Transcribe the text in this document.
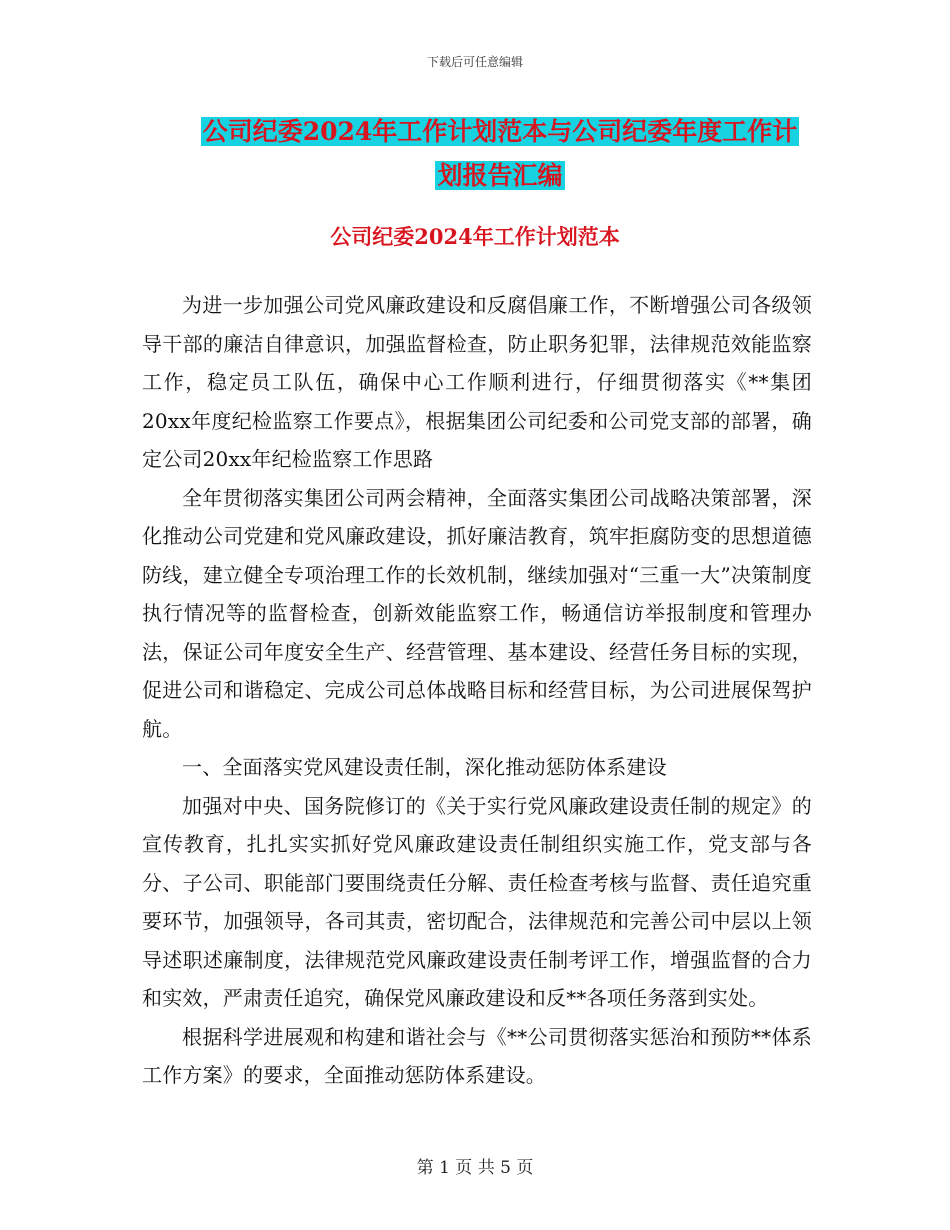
下载后可任意编辑
公司纪委2024年工作计划范本与公司纪委年度工作计
划报告汇编
公司纪委2024年工作计划范本

为进一步加强公司党风廉政建设和反腐倡廉工作，不断增强公司各级领导干部的廉洁自律意识，加强监督检查，防止职务犯罪，法律规范效能监察工作，稳定员工队伍，确保中心工作顺利进行，仔细贯彻落实《**集团20xx年度纪检监察工作要点》，根据集团公司纪委和公司党支部的部署，确定公司20xx年纪检监察工作思路

全年贯彻落实集团公司两会精神，全面落实集团公司战略决策部署，深化推动公司党建和党风廉政建设，抓好廉洁教育，筑牢拒腐防变的思想道德防线，建立健全专项治理工作的长效机制，继续加强对“三重一大”决策制度执行情况等的监督检查，创新效能监察工作，畅通信访举报制度和管理办法，保证公司年度安全生产、经营管理、基本建设、经营任务目标的实现，促进公司和谐稳定、完成公司总体战略目标和经营目标，为公司进展保驾护航。

一、全面落实党风建设责任制，深化推动惩防体系建设

加强对中央、国务院修订的《关于实行党风廉政建设责任制的规定》的宣传教育，扎扎实实抓好党风廉政建设责任制组织实施工作，党支部与各分、子公司、职能部门要围绕责任分解、责任检查考核与监督、责任追究重要环节，加强领导，各司其责，密切配合，法律规范和完善公司中层以上领导述职述廉制度，法律规范党风廉政建设责任制考评工作，增强监督的合力和实效，严肃责任追究，确保党风廉政建设和反**各项任务落到实处。

根据科学进展观和构建和谐社会与《**公司贯彻落实惩治和预防**体系工作方案》的要求，全面推动惩防体系建设。

第 1 页 共 5 页
